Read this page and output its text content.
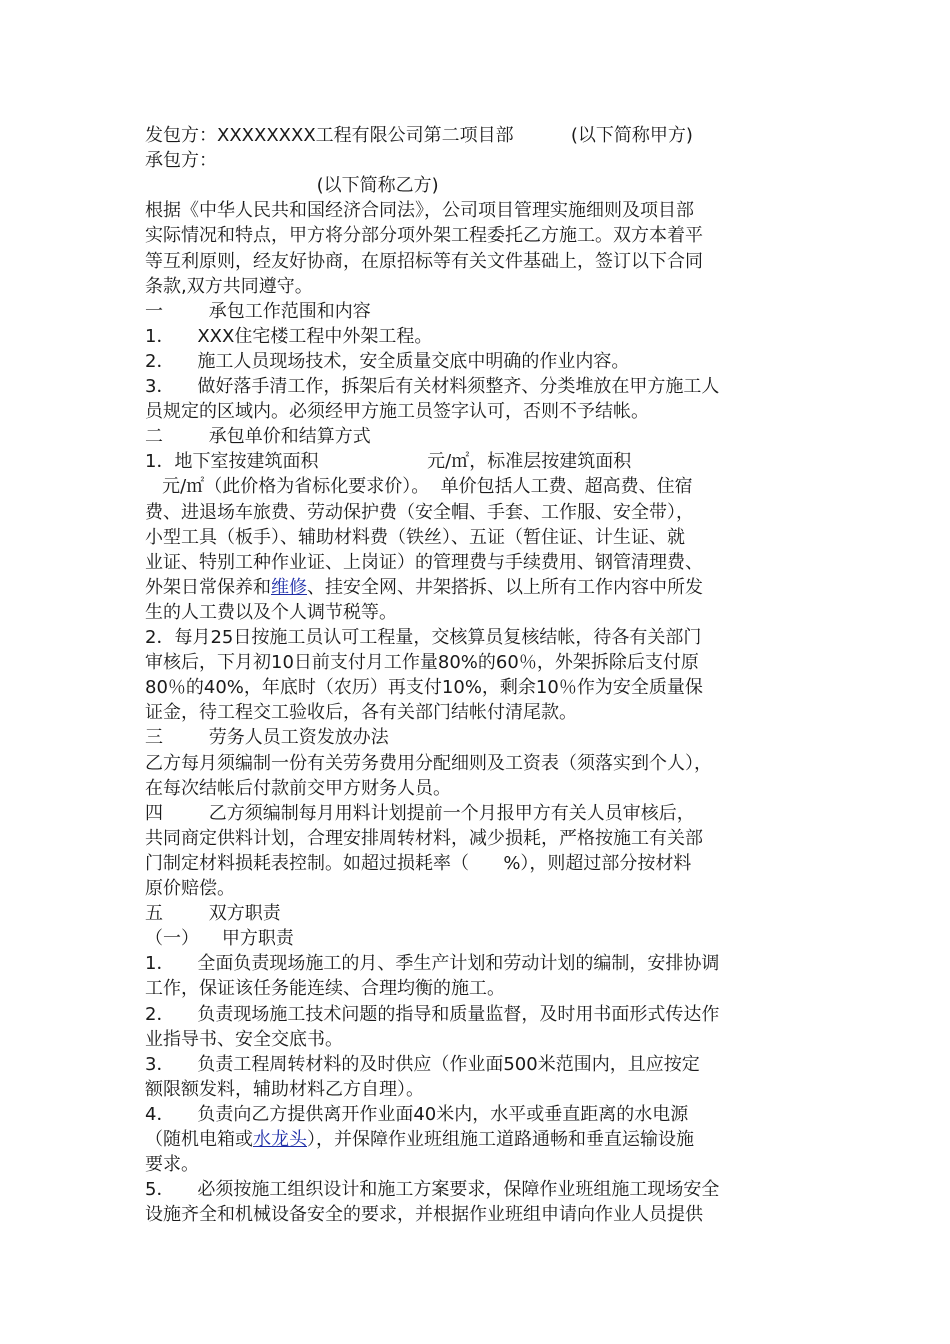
发包方：XXXXXXXX工程有限公司第二项目部          (以下简称甲方)
承包方：
(以下简称乙方)
根据《中华人民共和国经济合同法》，公司项目管理实施细则及项目部
实际情况和特点，甲方将分部分项外架工程委托乙方施工。双方本着平
等互利原则，经友好协商，在原招标等有关文件基础上，签订以下合同
条款,双方共同遵守。
一        承包工作范围和内容
1．    XXX住宅楼工程中外架工程。
2．    施工人员现场技术，安全质量交底中明确的作业内容。
3．    做好落手清工作，拆架后有关材料须整齐、分类堆放在甲方施工人
员规定的区域内。必须经甲方施工员签字认可，否则不予结帐。
二        承包单价和结算方式
1．地下室按建筑面积                   元/㎡，标准层按建筑面积
元/㎡（此价格为省标化要求价）。  单价包括人工费、超高费、住宿
费、进退场车旅费、劳动保护费（安全帽、手套、工作服、安全带），
小型工具（板手）、辅助材料费（铁丝）、五证（暂住证、计生证、就
业证、特别工种作业证、上岗证）的管理费与手续费用、钢管清理费、
外架日常保养和维修、挂安全网、井架搭拆、以上所有工作内容中所发
生的人工费以及个人调节税等。
2．每月25日按施工员认可工程量，交核算员复核结帐，待各有关部门
审核后，下月初10日前支付月工作量80%的60％，外架拆除后支付原
80％的40%，年底时（农历）再支付10%，剩余10％作为安全质量保
证金，待工程交工验收后，各有关部门结帐付清尾款。
三        劳务人员工资发放办法
乙方每月须编制一份有关劳务费用分配细则及工资表（须落实到个人），
在每次结帐后付款前交甲方财务人员。
四        乙方须编制每月用料计划提前一个月报甲方有关人员审核后，
共同商定供料计划，合理安排周转材料，减少损耗，严格按施工有关部
门制定材料损耗表控制。如超过损耗率（      %），则超过部分按材料
原价赔偿。
五        双方职责
（一）    甲方职责
1．    全面负责现场施工的月、季生产计划和劳动计划的编制，安排协调
工作，保证该任务能连续、合理均衡的施工。
2．    负责现场施工技术问题的指导和质量监督，及时用书面形式传达作
业指导书、安全交底书。
3．    负责工程周转材料的及时供应（作业面500米范围内，且应按定
额限额发料，辅助材料乙方自理）。
4．    负责向乙方提供离开作业面40米内，水平或垂直距离的水电源
（随机电箱或水龙头），并保障作业班组施工道路通畅和垂直运输设施
要求。
5．    必须按施工组织设计和施工方案要求，保障作业班组施工现场安全
设施齐全和机械设备安全的要求，并根据作业班组申请向作业人员提供
